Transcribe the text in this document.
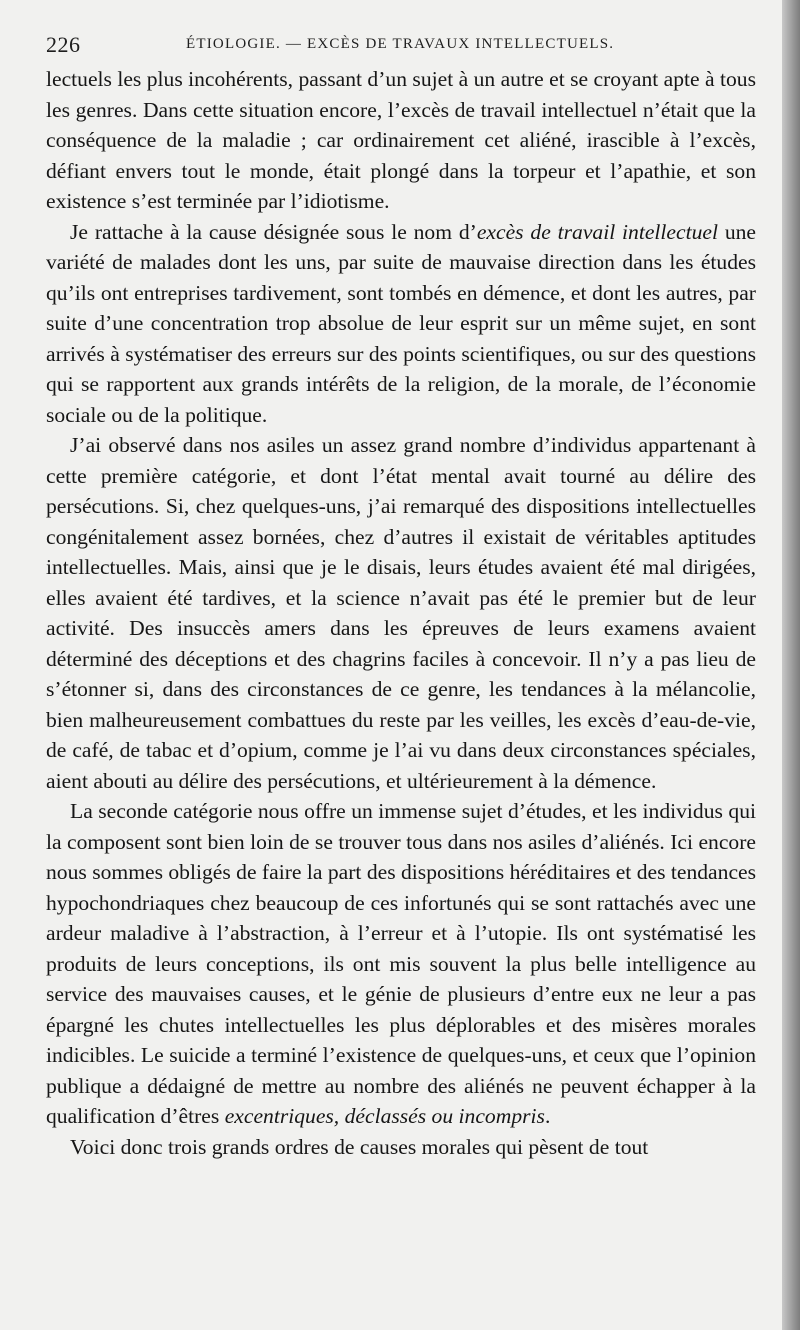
226	ÉTIOLOGIE. — EXCÈS DE TRAVAUX INTELLECTUELS.

lectuels les plus incohérents, passant d’un sujet à un autre et se croyant apte à tous les genres. Dans cette situation encore, l’excès de travail intellectuel n’était que la conséquence de la maladie ; car ordinairement cet aliéné, irascible à l’excès, défiant envers tout le monde, était plongé dans la torpeur et l’apathie, et son existence s’est terminée par l’idiotisme.

Je rattache à la cause désignée sous le nom d’excès de travail intellectuel une variété de malades dont les uns, par suite de mauvaise direction dans les études qu’ils ont entreprises tardivement, sont tombés en démence, et dont les autres, par suite d’une concentration trop absolue de leur esprit sur un même sujet, en sont arrivés à systématiser des erreurs sur des points scientifiques, ou sur des questions qui se rapportent aux grands intérêts de la religion, de la morale, de l’économie sociale ou de la politique.

J’ai observé dans nos asiles un assez grand nombre d’individus appartenant à cette première catégorie, et dont l’état mental avait tourné au délire des persécutions. Si, chez quelques-uns, j’ai remarqué des dispositions intellectuelles congénitalement assez bornées, chez d’autres il existait de véritables aptitudes intellectuelles. Mais, ainsi que je le disais, leurs études avaient été mal dirigées, elles avaient été tardives, et la science n’avait pas été le premier but de leur activité. Des insuccès amers dans les épreuves de leurs examens avaient déterminé des déceptions et des chagrins faciles à concevoir. Il n’y a pas lieu de s’étonner si, dans des circonstances de ce genre, les tendances à la mélancolie, bien malheureusement combattues du reste par les veilles, les excès d’eau-de-vie, de café, de tabac et d’opium, comme je l’ai vu dans deux circonstances spéciales, aient abouti au délire des persécutions, et ultérieurement à la démence.

La seconde catégorie nous offre un immense sujet d’études, et les individus qui la composent sont bien loin de se trouver tous dans nos asiles d’aliénés. Ici encore nous sommes obligés de faire la part des dispositions héréditaires et des tendances hypochondriaques chez beaucoup de ces infortunés qui se sont rattachés avec une ardeur maladive à l’abstraction, à l’erreur et à l’utopie. Ils ont systématisé les produits de leurs conceptions, ils ont mis souvent la plus belle intelligence au service des mauvaises causes, et le génie de plusieurs d’entre eux ne leur a pas épargné les chutes intellectuelles les plus déplorables et des misères morales indicibles. Le suicide a terminé l’existence de quelques-uns, et ceux que l’opinion publique a dédaigné de mettre au nombre des aliénés ne peuvent échapper à la qualification d’êtres excentriques, déclassés ou incompris.

Voici donc trois grands ordres de causes morales qui pèsent de tout
